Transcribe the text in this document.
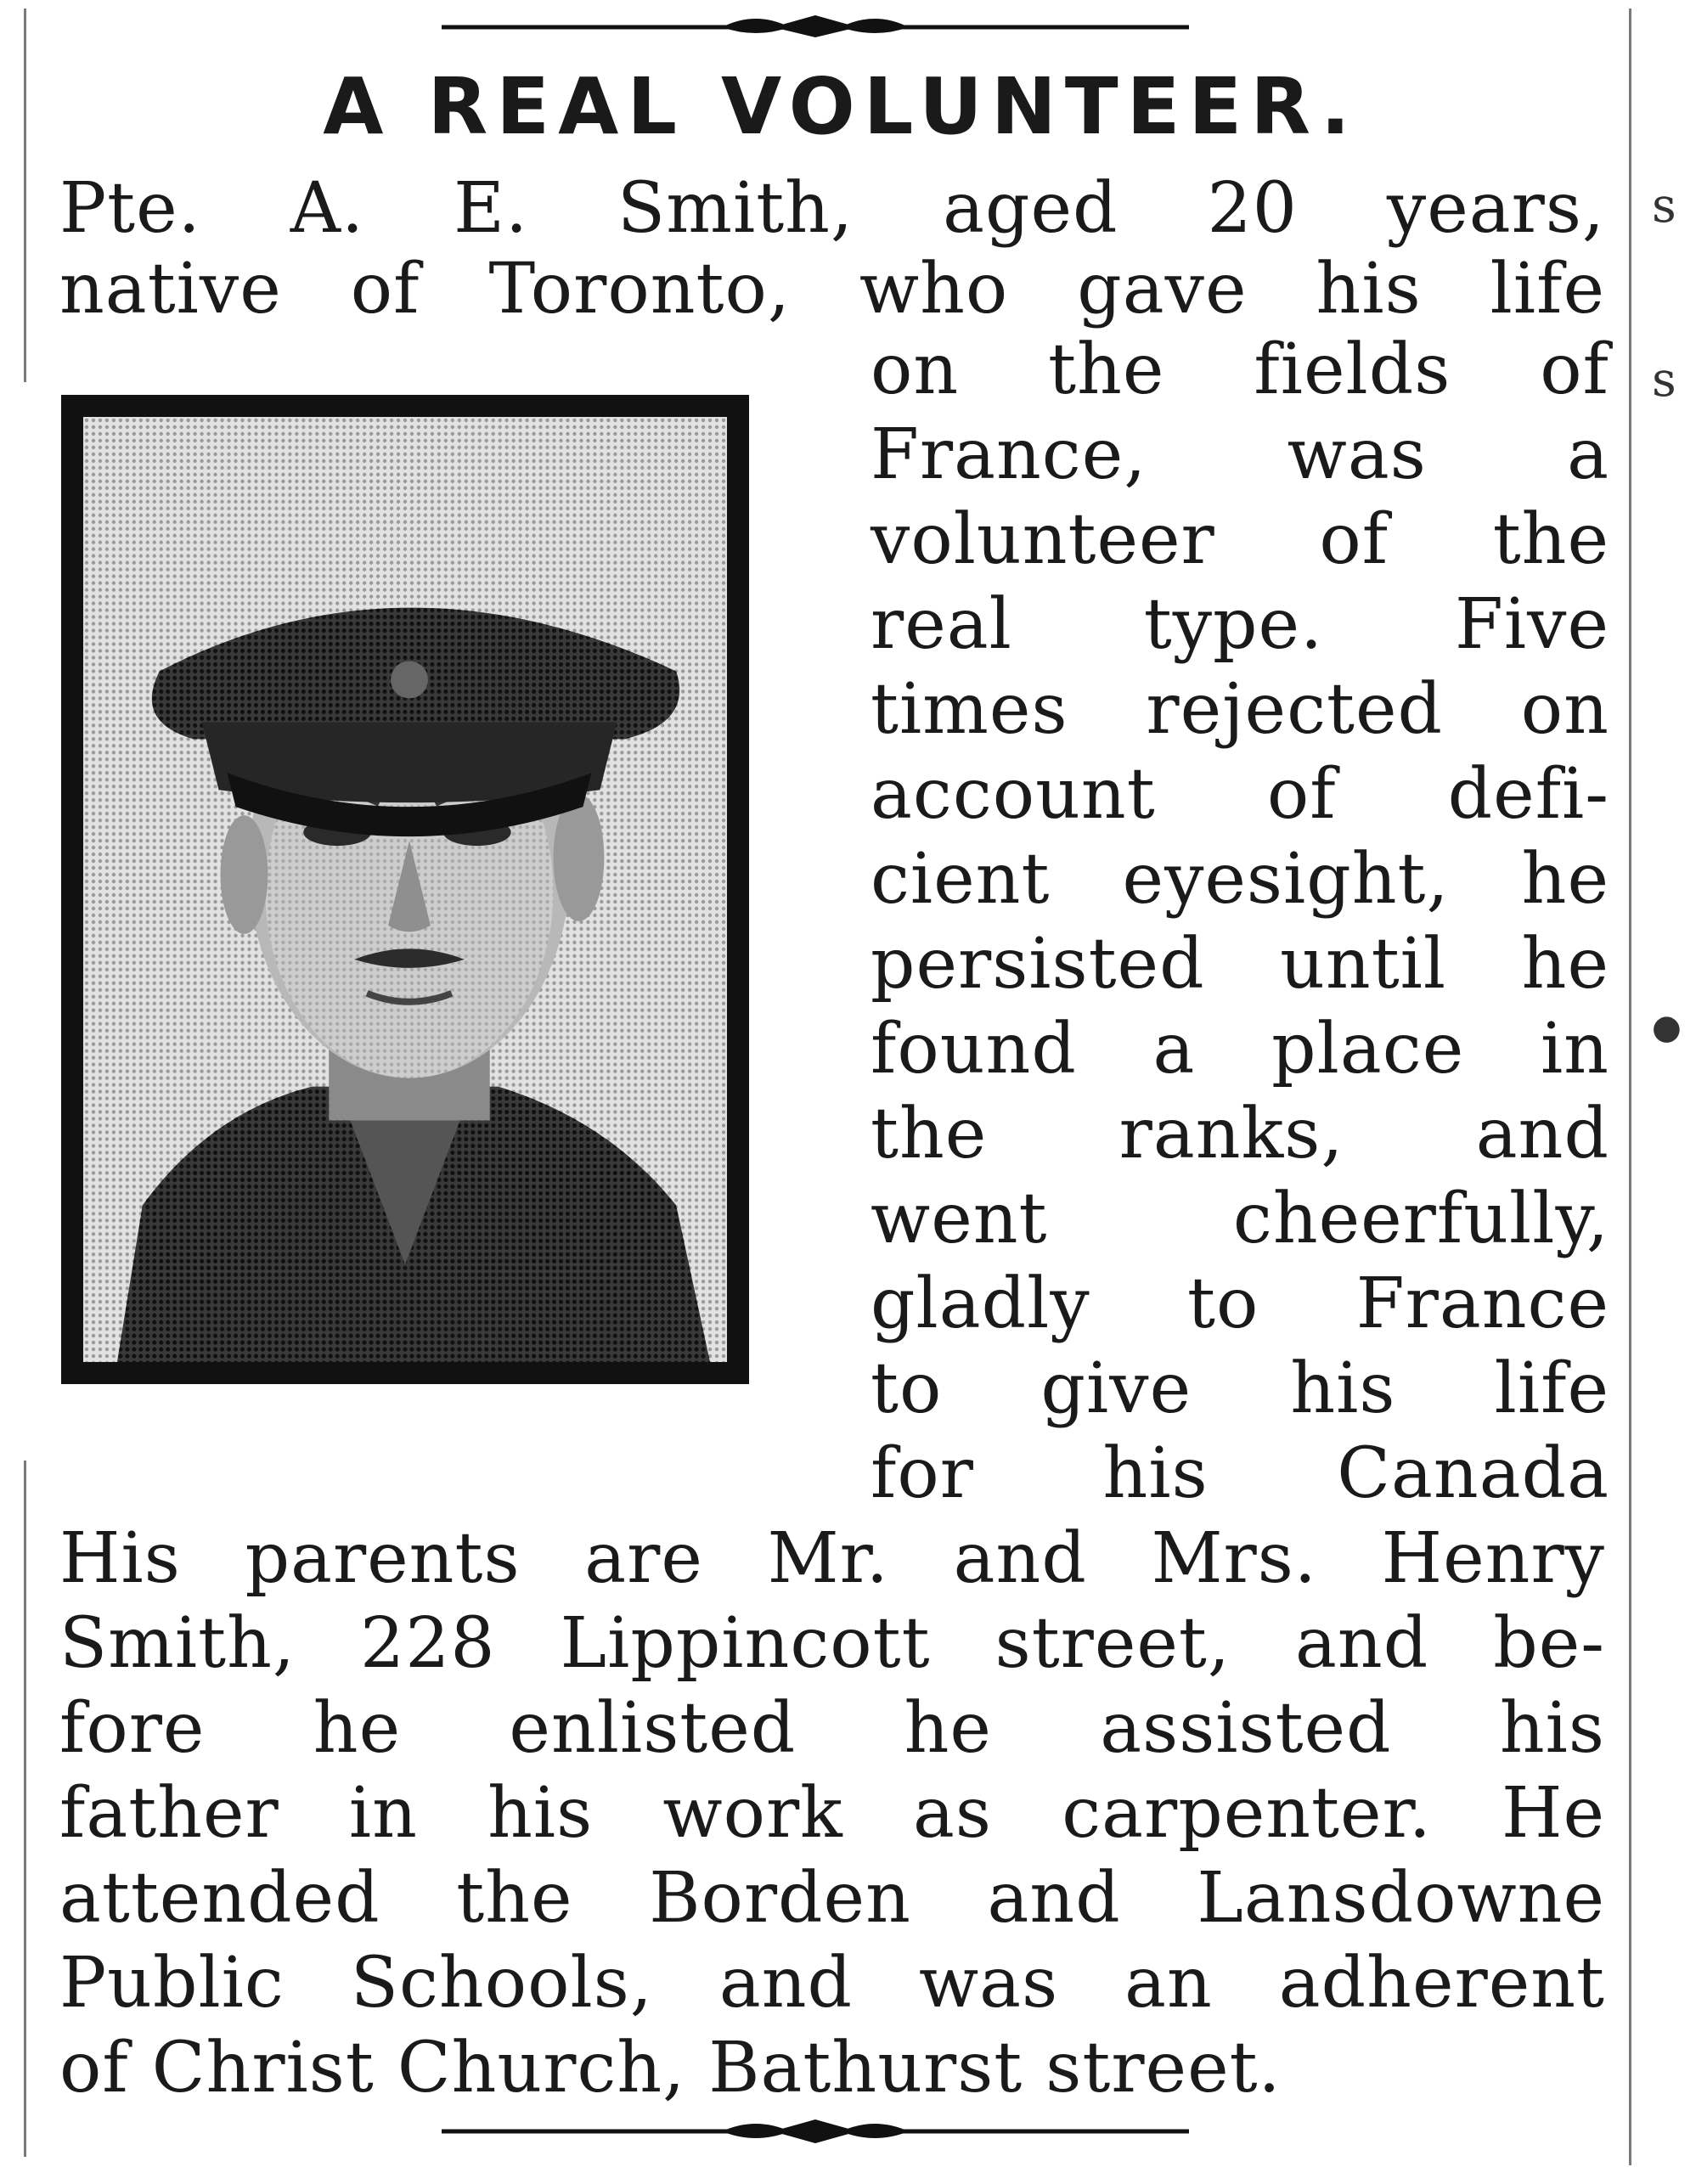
s
s
●
A REAL VOLUNTEER.
Pte. A. E. Smith, aged 20 years,
native of Toronto, who gave his life
on the fields of
France, was a
volunteer of the
real type. Five
times rejected on
account of defi-
cient eyesight, he
persisted until he
found a place in
the ranks, and
went cheerfully,
gladly to France
to give his life
for his Canada
His parents are Mr. and Mrs. Henry
Smith, 228 Lippincott street, and be-
fore he enlisted he assisted his
father in his work as carpenter. He
attended the Borden and Lansdowne
Public Schools, and was an adherent
of Christ Church, Bathurst street.
